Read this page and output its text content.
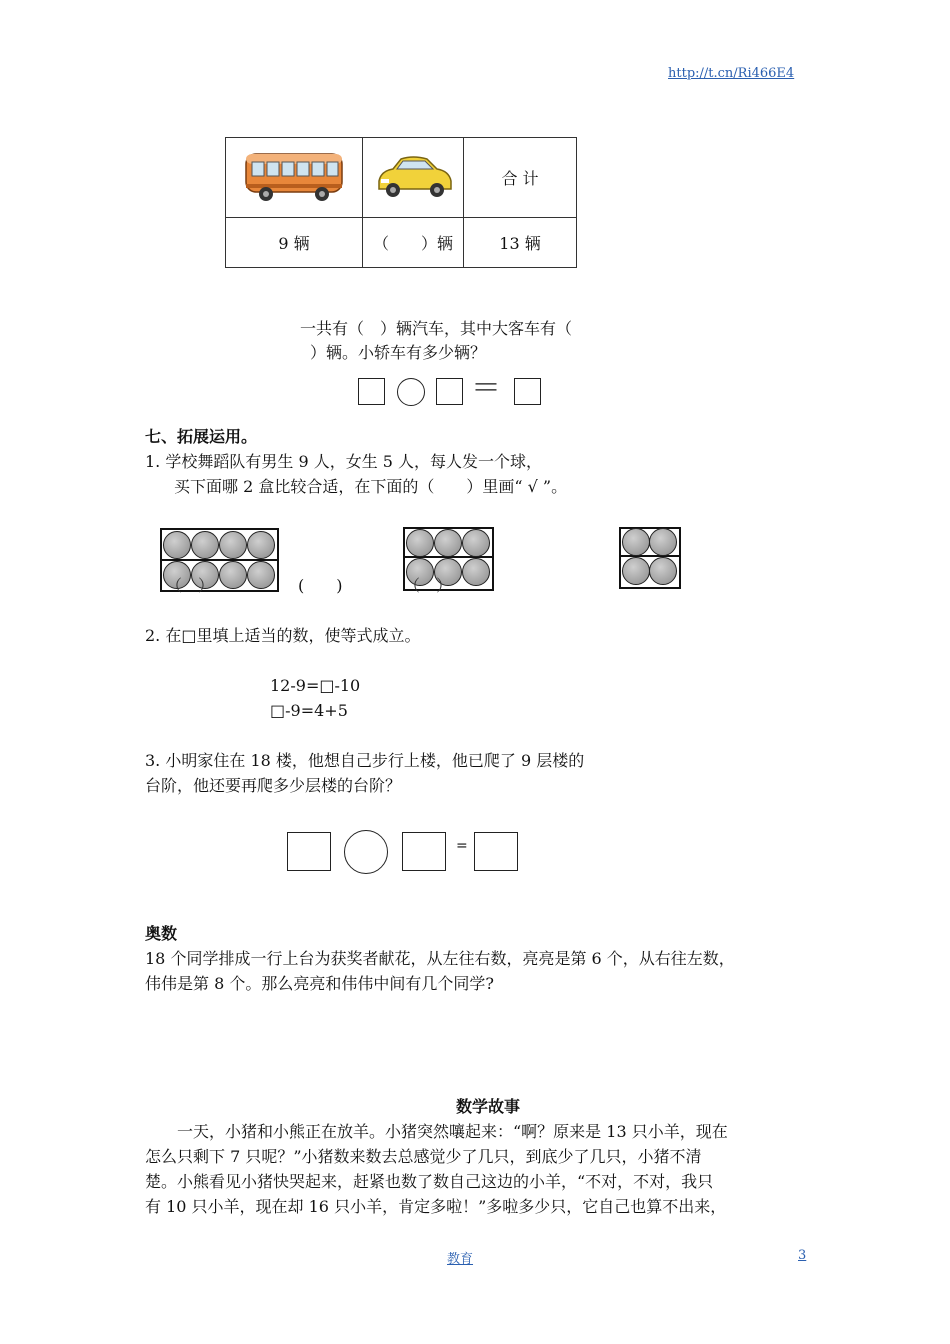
http://t.cn/Ri466E4
		合 计
9 辆	（　　）辆	13 辆
一共有（　）辆汽车，其中大客车有（
）辆。小轿车有多少辆？
＝
七、拓展运用。
1. 学校舞蹈队有男生 9 人，女生 5 人，每人发一个球，
买下面哪 2 盒比较合适，在下面的（　　）里画“ √ ”。
（　）	(　　)	（　）
2. 在□里填上适当的数，使等式成立。
12-9=□-10
□-9=4+5
3. 小明家住在 18 楼，他想自己步行上楼，他已爬了 9 层楼的
台阶，他还要再爬多少层楼的台阶？
=
奥数
18 个同学排成一行上台为获奖者献花，从左往右数，亮亮是第 6 个，从右往左数，
伟伟是第 8 个。那么亮亮和伟伟中间有几个同学?
数学故事
　　一天，小猪和小熊正在放羊。小猪突然嚷起来：“啊？原来是 13 只小羊，现在
怎么只剩下 7 只呢？”小猪数来数去总感觉少了几只，到底少了几只，小猪不清
楚。小熊看见小猪快哭起来，赶紧也数了数自己这边的小羊，“不对，不对，我只
有 10 只小羊，现在却 16 只小羊，肯定多啦！”多啦多少只，它自己也算不出来，
教育	3
